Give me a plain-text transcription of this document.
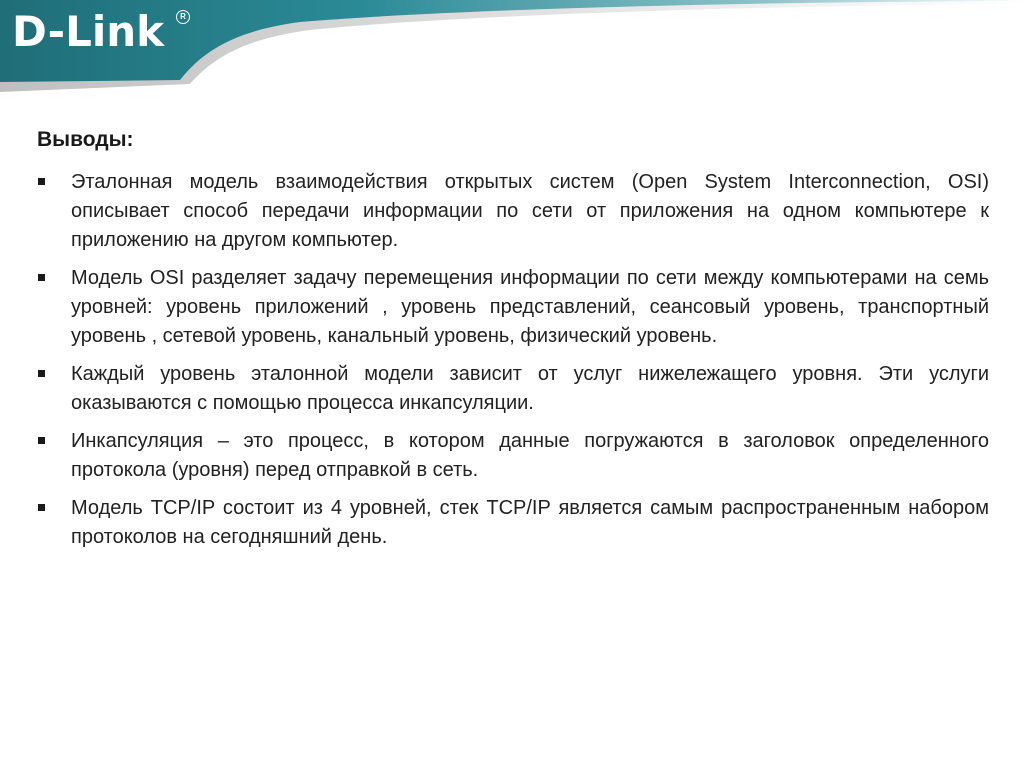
D-Link	R
Выводы:
Эталонная модель взаимодействия открытых систем (Open System Interconnection, OSI) описывает способ передачи информации по сети от приложения на одном компьютере к приложению на другом компьютер.
Модель OSI разделяет задачу перемещения информации по сети между компьютерами на семь уровней: уровень приложений , уровень представлений, сеансовый уровень, транспортный уровень , сетевой уровень, канальный уровень, физический уровень.
Каждый уровень эталонной модели зависит от услуг нижележащего уровня. Эти услуги оказываются с помощью процесса инкапсуляции.
Инкапсуляция – это процесс, в котором данные погружаются в заголовок определенного протокола (уровня) перед отправкой в сеть.
Модель TCP/IP состоит из 4 уровней, стек TCP/IP является самым распространенным набором протоколов на сегодняшний день.
